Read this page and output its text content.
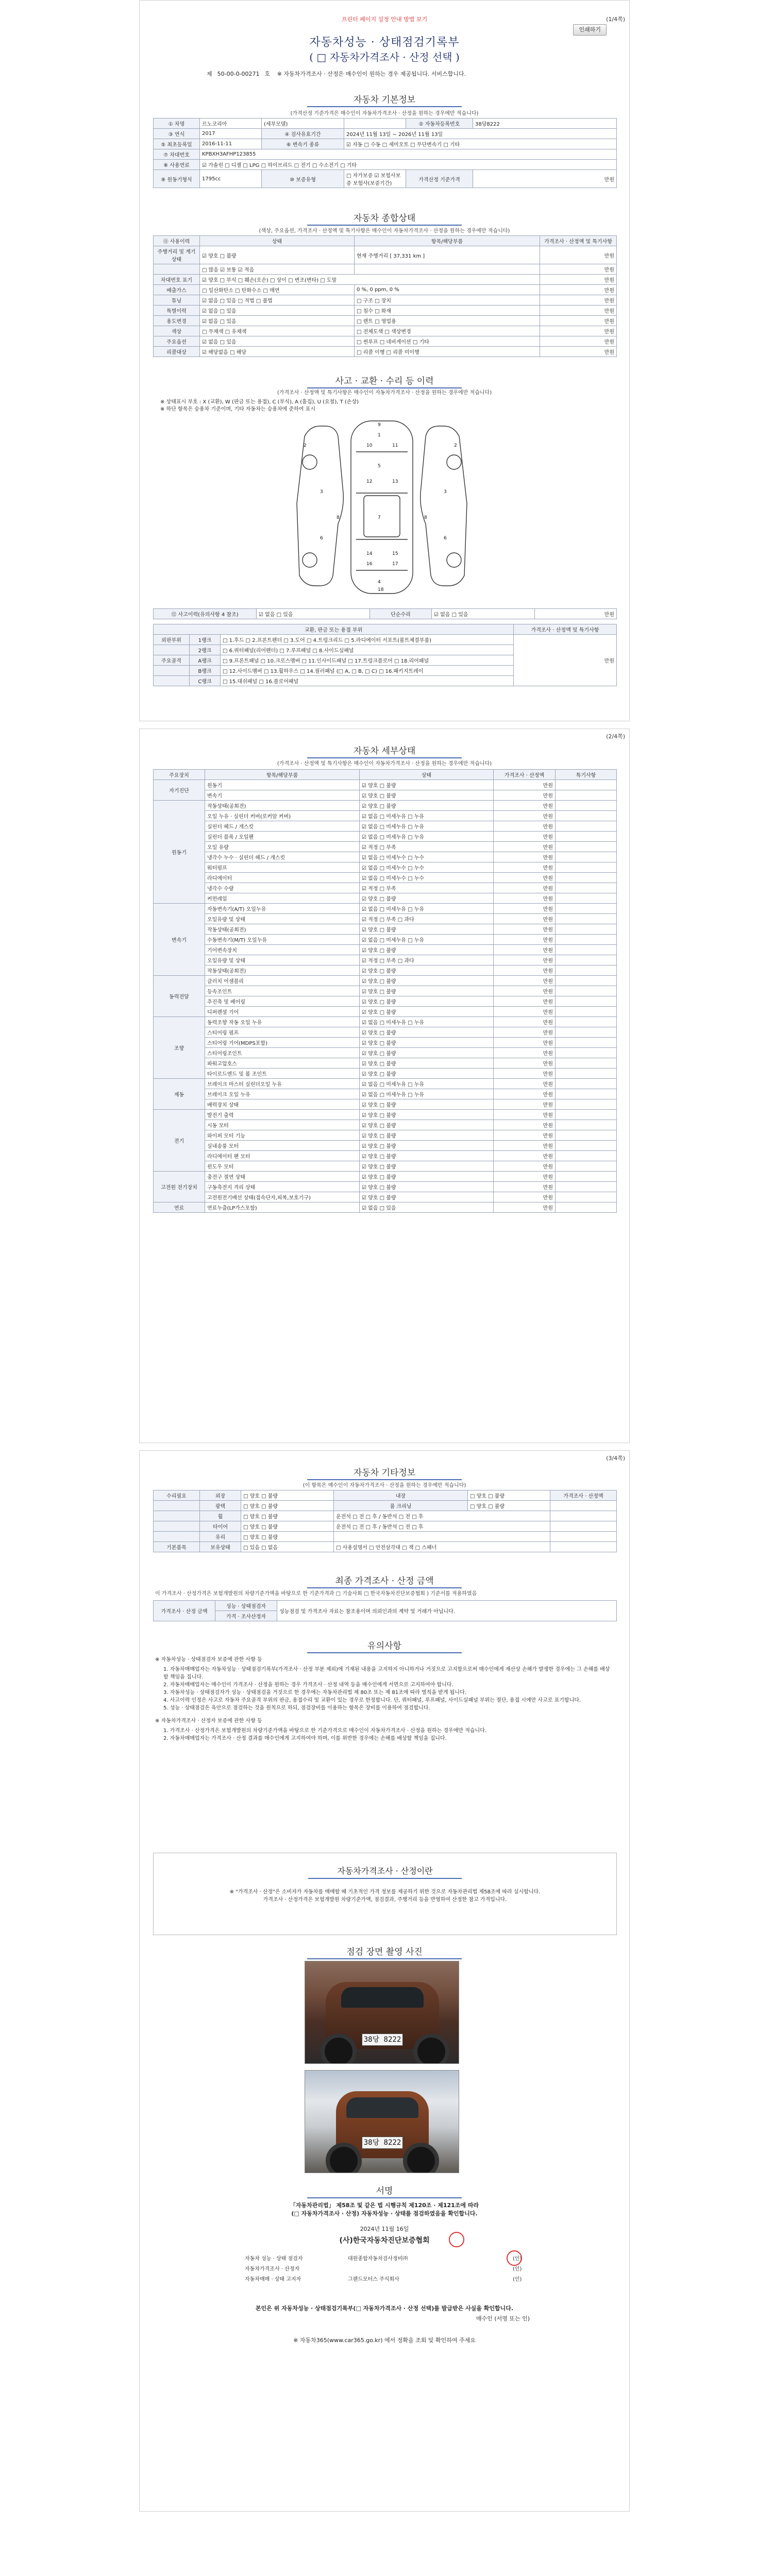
프린터 페이지 설정 안내 방법 보기
인쇄하기
(1/4쪽)
자동차성능 · 상태점검기록부
( □ 자동차가격조사 · 산정 선택 )
제 50-00-0-00271 호 ※ 자동차가격조사 · 산정은 매수인이 원하는 경우 제공됩니다. 서비스합니다.
자동차 기본정보
(가격산정 기준가격은 매수인이 자동차가격조사 · 산정을 원하는 경우에만 적습니다)
① 차명	르노코리아	(세부모델)		② 자동차등록번호	38당8222
③ 연식	2017	④ 검사유효기간	2024년 11월 13일 ~ 2026년 11월 13일		
⑤ 최초등록일	2016-11-11	⑥ 변속기 종류	☑ 자동 □ 수동 □ 세미오토 □ 무단변속기 □ 기타		
⑦ 차대번호	KPBXH3AFHP123855				
⑧ 사용연료	☑ 가솔린 □ 디젤 □ LPG □ 하이브리드 □ 전기 □ 수소전기 □ 기타				
⑨ 원동기형식	1795cc	⑩ 보증유형	□ 자가보증 ☑ 보험사보증 보험사(보증기간)	가격산정 기준가격	만원
자동차 종합상태
(색상, 주요옵션, 가격조사 · 산정액 및 특기사항은 매수인이 자동차가격조사 · 산정을 원하는 경우에만 적습니다)
⑪ 사용이력	상태	항목/해당부품	가격조사 · 산정액 및 특기사항
주행거리 및 계기상태	☑ 양호 □ 불량	현재 주행거리 [ 37,331 km ]	만원
	□ 많음 ☑ 보통 ☑ 적음		만원
차대번호 표기	☑ 양호 □ 부식 □ 훼손(오손) □ 상이 □ 변조(변타) □ 도말		만원
배출가스	□ 일산화탄소 □ 탄화수소 □ 매연	0 %, 0 ppm, 0 %	만원
튜닝	☑ 없음 □ 있음 □ 적법 □ 불법	□ 구조 □ 장치	만원
특별이력	☑ 없음 □ 있음	□ 침수 □ 화재	만원
용도변경	☑ 없음 □ 있음	□ 렌트 □ 영업용	만원
색상	□ 무채색 □ 유채색	□ 전체도색 □ 색상변경	만원
주요옵션	☑ 없음 □ 있음	□ 썬루프 □ 네비게이션 □ 기타	만원
리콜대상	☑ 해당없음 □ 해당	□ 리콜 이행 □ 리콜 미이행	만원
사고 · 교환 · 수리 등 이력
(가격조사 · 산정액 및 특기사항은 매수인이 자동차가격조사 · 산정을 원하는 경우에만 적습니다)
※ 상태표시 부호 : X (교환), W (판금 또는 용접), C (부식), A (흠집), U (요철), T (손상)
※ 하단 항목은 승용차 기준이며, 기타 자동차는 승용차에 준하여 표시
1
2	2
3	3
4
5
6	6
7
8	8
9
10	11
12	13
14	15
16	17
18
⑫ 사고이력(유의사항 4 참조)	☑ 없음 □ 있음	단순수리	☑ 없음 □ 있음	만원
교환, 판금 또는 용접 부위			가격조사 · 산정액 및 특기사항
외판부위	1랭크	□ 1.후드 □ 2.프론트펜더 □ 3.도어 □ 4.트렁크리드 □ 5.라디에이터 서포트(볼트체결부품)	만원
	2랭크	□ 6.쿼터패널(리어펜더) □ 7.루프패널 □ 8.사이드실패널	
주요골격	A랭크	□ 9.프론트패널 □ 10.크로스멤버 □ 11.인사이드패널 □ 17.트렁크플로어 □ 18.리어패널	
	B랭크	□ 12.사이드멤버 □ 13.휠하우스 □ 14.필러패널 (□ A, □ B, □ C) □ 16.패키지트레이	
	C랭크	□ 15.대쉬패널 □ 16.플로어패널	
(2/4쪽)
자동차 세부상태
(가격조사 · 산정액 및 특기사항은 매수인이 자동차가격조사 · 산정을 원하는 경우에만 적습니다)
주요장치	항목/해당부품	상태	가격조사 · 산정액	특기사항
자기진단	원동기	☑ 양호 □ 불량	만원	
	변속기	☑ 양호 □ 불량	만원	
원동기	작동상태(공회전)	☑ 양호 □ 불량	만원	
	오일 누유 · 실린더 커버(로커암 커버)	☑ 없음 □ 미세누유 □ 누유	만원	
	실린더 헤드 / 개스킷	☑ 없음 □ 미세누유 □ 누유	만원	
	실린더 블록 / 오일팬	☑ 없음 □ 미세누유 □ 누유	만원	
	오일 유량	☑ 적정 □ 부족	만원	
	냉각수 누수 · 실린더 헤드 / 개스킷	☑ 없음 □ 미세누수 □ 누수	만원	
	워터펌프	☑ 없음 □ 미세누수 □ 누수	만원	
	라디에이터	☑ 없음 □ 미세누수 □ 누수	만원	
	냉각수 수량	☑ 적정 □ 부족	만원	
	커먼레일	☑ 양호 □ 불량	만원	
변속기	자동변속기(A/T) 오일누유	☑ 없음 □ 미세누유 □ 누유	만원	
	오일유량 및 상태	☑ 적정 □ 부족 □ 과다	만원	
	작동상태(공회전)	☑ 양호 □ 불량	만원	
	수동변속기(M/T) 오일누유	☑ 없음 □ 미세누유 □ 누유	만원	
	기어변속장치	☑ 양호 □ 불량	만원	
	오일유량 및 상태	☑ 적정 □ 부족 □ 과다	만원	
	작동상태(공회전)	☑ 양호 □ 불량	만원	
동력전달	클러치 어셈블리	☑ 양호 □ 불량	만원	
	등속조인트	☑ 양호 □ 불량	만원	
	추진축 및 베어링	☑ 양호 □ 불량	만원	
	디퍼렌셜 기어	☑ 양호 □ 불량	만원	
조향	동력조향 작동 오일 누유	☑ 없음 □ 미세누유 □ 누유	만원	
	스티어링 펌프	☑ 양호 □ 불량	만원	
	스티어링 기어(MDPS포함)	☑ 양호 □ 불량	만원	
	스티어링조인트	☑ 양호 □ 불량	만원	
	파워고압호스	☑ 양호 □ 불량	만원	
	타이로드엔드 및 볼 조인트	☑ 양호 □ 불량	만원	
제동	브레이크 마스터 실린더오일 누유	☑ 없음 □ 미세누유 □ 누유	만원	
	브레이크 오일 누유	☑ 없음 □ 미세누유 □ 누유	만원	
	배력장치 상태	☑ 양호 □ 불량	만원	
전기	발전기 출력	☑ 양호 □ 불량	만원	
	시동 모터	☑ 양호 □ 불량	만원	
	와이퍼 모터 기능	☑ 양호 □ 불량	만원	
	실내송풍 모터	☑ 양호 □ 불량	만원	
	라디에이터 팬 모터	☑ 양호 □ 불량	만원	
	윈도우 모터	☑ 양호 □ 불량	만원	
고전원 전기장치	충전구 절연 상태	☑ 양호 □ 불량	만원	
	구동축전지 격리 상태	☑ 양호 □ 불량	만원	
	고전원전기배선 상태(접속단자,피복,보호기구)	☑ 양호 □ 불량	만원	
연료	연료누출(LP가스포함)	☑ 없음 □ 있음	만원	
(3/4쪽)
자동차 기타정보
(이 항목은 매수인이 자동차가격조사 · 산정을 원하는 경우에만 적습니다)
수리필요	외장	□ 양호 □ 불량	내장	□ 양호 □ 불량	가격조사 · 산정액
	광택	□ 양호 □ 불량	룸 크리닝	□ 양호 □ 불량	
	휠	□ 양호 □ 불량	운전석 □ 전 □ 후 / 동반석 □ 전 □ 후		
	타이어	□ 양호 □ 불량	운전석 □ 전 □ 후 / 동반석 □ 전 □ 후		
	유리	□ 양호 □ 불량			
기본품목	보유상태	□ 있음 □ 없음	□ 사용설명서 □ 안전삼각대 □ 잭 □ 스패너		
최종 가격조사 · 산정 금액
이 가격조사 · 산정가격은 보험개발원의 차량기준가액을 바탕으로 한 기준가격과 □ 기술사회 □ 한국자동차진단보증협회 ) 기준서를 적용하였음
가격조사 · 산정 금액	성능 · 상태점검자	성능점검 및 가격조사 자료는 참조용이며 의뢰인과의 계약 및 거래가 아닙니다.
가격 · 조사산정자
유의사항
※ 자동차성능 · 상태점검자 보증에 관한 사항 등
1. 자동차매매업자는 자동차성능 · 상태점검기록부(가격조사 · 산정 부분 제외)에 기재된 내용을 고지하지 아니하거나 거짓으로 고지함으로써 매수인에게 재산상 손해가 발생한 경우에는 그 손해를 배상할 책임을 집니다.
2. 자동차매매업자는 매수인이 가격조사 · 산정을 원하는 경우 가격조사 · 산정 내역 등을 매수인에게 서면으로 고지하여야 합니다.
3. 자동차성능 · 상태점검자가 성능 · 상태점검을 거짓으로 한 경우에는 자동차관리법 제 80조 또는 제 81조에 따라 벌칙을 받게 됩니다.
4. 사고이력 인정은 사고로 자동차 주요골격 부위의 판금, 용접수리 및 교환이 있는 경우로 한정합니다. 단, 쿼터패널, 루프패널, 사이드실패널 부위는 절단, 용접 시에만 사고로 표기합니다.
5. 성능 · 상태점검은 육안으로 점검하는 것을 원칙으로 하되, 점검장비를 이용하는 항목은 장비를 이용하여 점검합니다.
※ 자동차가격조사 · 산정자 보증에 관한 사항 등
1. 가격조사 · 산정가격은 보험개발원의 차량기준가액을 바탕으로 한 기준가격으로 매수인이 자동차가격조사 · 산정을 원하는 경우에만 적습니다.
2. 자동차매매업자는 가격조사 · 산정 결과를 매수인에게 고지하여야 하며, 이를 위반한 경우에는 손해를 배상할 책임을 집니다.
자동차가격조사 · 산정이란
※ "가격조사 · 산정"은 소비자가 자동차를 매매할 때 기초적인 가격 정보를 제공하기 위한 것으로 자동차관리법 제58조에 따라 실시합니다.
가격조사 · 산정가격은 보험개발원 차량기준가액, 점검결과, 주행거리 등을 반영하여 산정한 참고 가격입니다.
점검 장면 촬영 사진
38당 8222
38당 8222
서명
「자동차관리법」 제58조 및 같은 법 시행규칙 제120조 · 제121조에 따라
(□ 자동차가격조사 · 산정) 자동차성능 · 상태를 점검하였음을 확인합니다.
2024년 11월 16일
(사)한국자동차진단보증협회
자동차 성능 · 상태 점검자	대원종합자동차검사정비㈜	(인)
자동차가격조사 · 산정자		(인)
자동차매매 · 상태 고지자	그랜드모터스 주식회사	(인)
본인은 위 자동차성능 · 상태점검기록부(□ 자동차가격조사 · 산정 선택)를 발급받은 사실을 확인합니다.
매수인 (서명 또는 인)
※ 자동차365(www.car365.go.kr) 에서 정확을 조회 및 확인하여 주세요
